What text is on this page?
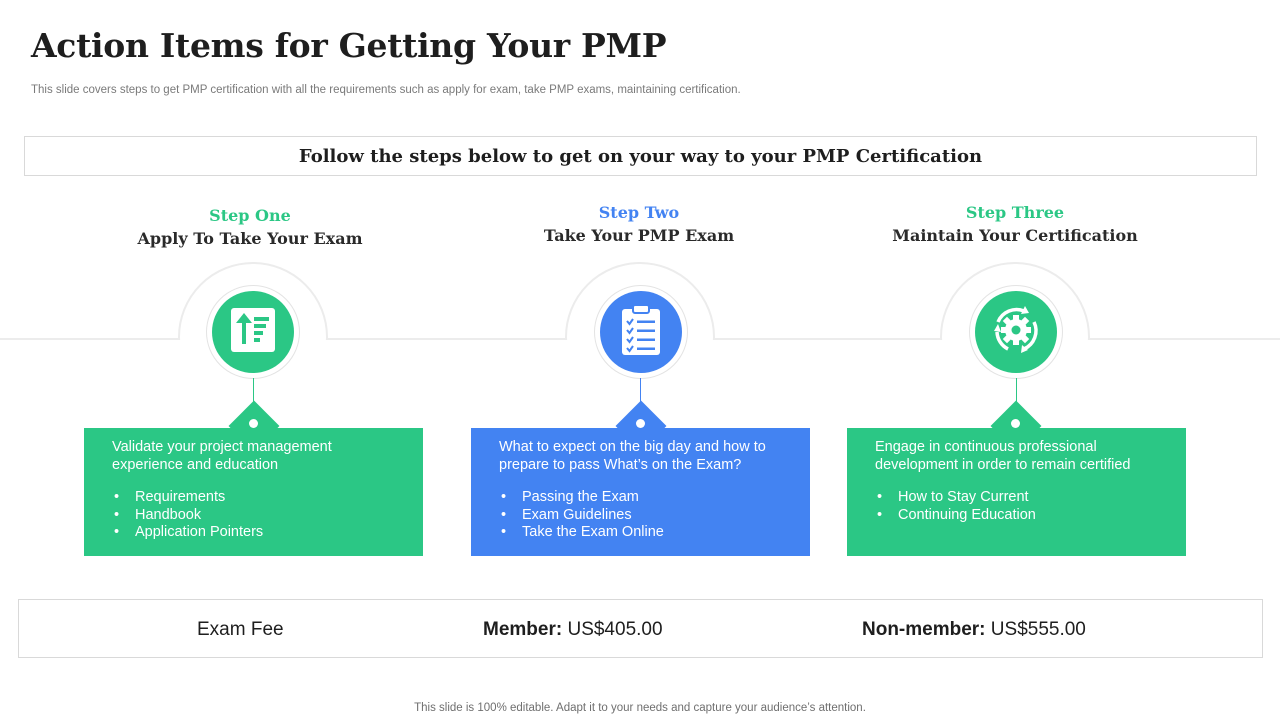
Action Items for Getting Your PMP
This slide covers steps to get PMP certification with all the requirements such as apply for exam, take PMP exams, maintaining certification.
Follow the steps below to get on your way to your PMP Certification
Step One
Apply To Take Your Exam
Validate your project management experience and education
• Requirements
• Handbook
• Application Pointers
Step Two
Take Your PMP Exam
What to expect on the big day and how to prepare to pass What’s on the Exam?
• Passing the Exam
• Exam Guidelines
• Take the Exam Online
Step Three
Maintain Your Certification
Engage in continuous professional development in order to remain certified
• How to Stay Current
• Continuing Education
Exam Fee	Member: US$405.00	Non-member: US$555.00
This slide is 100% editable. Adapt it to your needs and capture your audience’s attention.
